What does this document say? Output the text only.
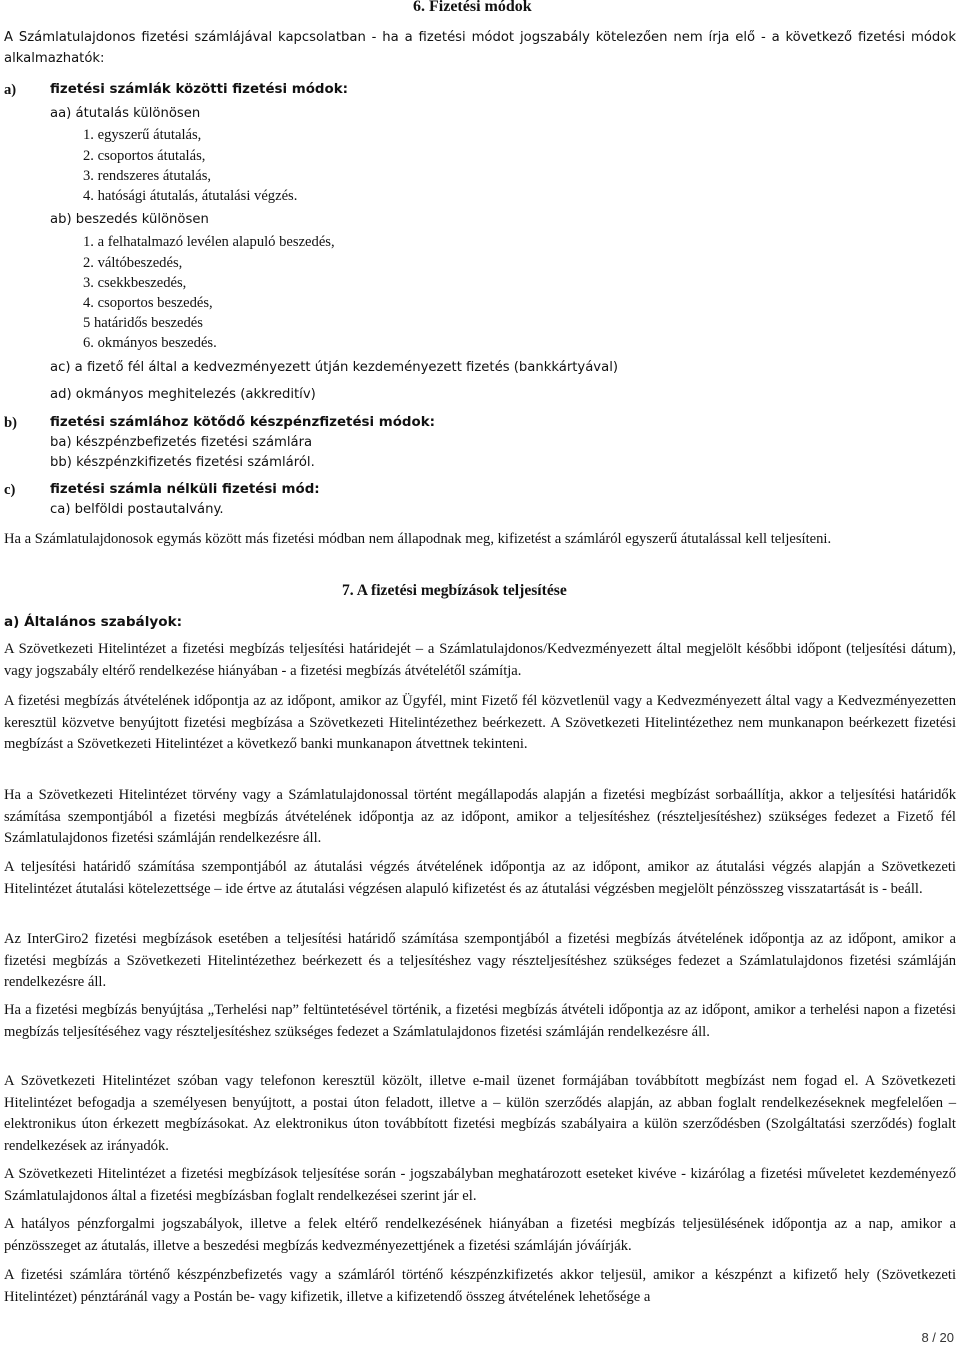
6. Fizetési módok
A Számlatulajdonos fizetési számlájával kapcsolatban - ha a fizetési módot jogszabály kötelezően nem írja elő - a következő fizetési módok alkalmazhatók:
a)	fizetési számlák közötti fizetési módok:
aa) átutalás különösen
1. egyszerű átutalás,
2. csoportos átutalás,
3. rendszeres átutalás,
4. hatósági átutalás, átutalási végzés.
ab) beszedés különösen
1. a felhatalmazó levélen alapuló beszedés,
2. váltóbeszedés,
3. csekkbeszedés,
4. csoportos beszedés,
5 határidős beszedés
6. okmányos beszedés.
ac) a fizető fél által a kedvezményezett útján kezdeményezett fizetés (bankkártyával)
ad) okmányos meghitelezés (akkreditív)
b) fizetési számlához kötődő készpénzfizetési módok:
ba) készpénzbefizetés fizetési számlára
bb) készpénzkifizetés fizetési számláról.
c)	fizetési számla nélküli fizetési mód:
ca) belföldi postautalvány.
Ha a Számlatulajdonosok egymás között más fizetési módban nem állapodnak meg, kifizetést a számláról egyszerű átutalással kell teljesíteni.
7. A fizetési megbízások teljesítése
a) Általános szabályok:
A Szövetkezeti Hitelintézet a fizetési megbízás teljesítési határidejét – a Számlatulajdonos/Kedvezményezett által megjelölt későbbi időpont (teljesítési dátum), vagy jogszabály eltérő rendelkezése hiányában - a fizetési megbízás átvételétől számítja.
A fizetési megbízás átvételének időpontja az az időpont, amikor az Ügyfél, mint Fizető fél közvetlenül vagy a Kedvezményezett által vagy a Kedvezményezetten keresztül közvetve benyújtott fizetési megbízása a Szövetkezeti Hitelintézethez beérkezett. A Szövetkezeti Hitelintézethez nem munkanapon beérkezett fizetési megbízást a Szövetkezeti Hitelintézet a következő banki munkanapon átvettnek tekinteni.
Ha a Szövetkezeti Hitelintézet törvény vagy a Számlatulajdonossal történt megállapodás alapján a fizetési megbízást sorbaállítja, akkor a teljesítési határidők számítása szempontjából a fizetési megbízás átvételének időpontja az az időpont, amikor a teljesítéshez (részteljesítéshez) szükséges fedezet a Fizető fél Számlatulajdonos fizetési számláján rendelkezésre áll.
A teljesítési határidő számítása szempontjából az átutalási végzés átvételének időpontja az az időpont, amikor az átutalási végzés alapján a Szövetkezeti Hitelintézet átutalási kötelezettsége – ide értve az átutalási végzésen alapuló kifizetést és az átutalási végzésben megjelölt pénzösszeg visszatartását is - beáll.
Az InterGiro2 fizetési megbízások esetében a teljesítési határidő számítása szempontjából a fizetési megbízás átvételének időpontja az az időpont, amikor a fizetési megbízás a Szövetkezeti Hitelintézethez beérkezett és a teljesítéshez vagy részteljesítéshez szükséges fedezet a Számlatulajdonos fizetési számláján rendelkezésre áll.
Ha a fizetési megbízás benyújtása „Terhelési nap” feltüntetésével történik, a fizetési megbízás átvételi időpontja az az időpont, amikor a terhelési napon a fizetési megbízás teljesítéséhez vagy részteljesítéshez szükséges fedezet a Számlatulajdonos fizetési számláján rendelkezésre áll.
A Szövetkezeti Hitelintézet szóban vagy telefonon keresztül közölt, illetve e-mail üzenet formájában továbbított megbízást nem fogad el. A Szövetkezeti Hitelintézet befogadja a személyesen benyújtott, a postai úton feladott, illetve a – külön szerződés alapján, az abban foglalt rendelkezéseknek megfelelően – elektronikus úton érkezett megbízásokat. Az elektronikus úton továbbított fizetési megbízás szabályaira a külön szerződésben (Szolgáltatási szerződés) foglalt rendelkezések az irányadók.
A Szövetkezeti Hitelintézet a fizetési megbízások teljesítése során - jogszabályban meghatározott eseteket kivéve - kizárólag a fizetési műveletet kezdeményező Számlatulajdonos által a fizetési megbízásban foglalt rendelkezései szerint jár el.
A hatályos pénzforgalmi jogszabályok, illetve a felek eltérő rendelkezésének hiányában a fizetési megbízás teljesülésének időpontja az a nap, amikor a pénzösszeget az átutalás, illetve a beszedési megbízás kedvezményezettjének a fizetési számláján jóváírják.
A fizetési számlára történő készpénzbefizetés vagy a számláról történő készpénzkifizetés akkor teljesül, amikor a készpénzt a kifizető hely (Szövetkezeti Hitelintézet) pénztáránál vagy a Postán be- vagy kifizetik, illetve a kifizetendő összeg átvételének lehetősége a
8 / 20
